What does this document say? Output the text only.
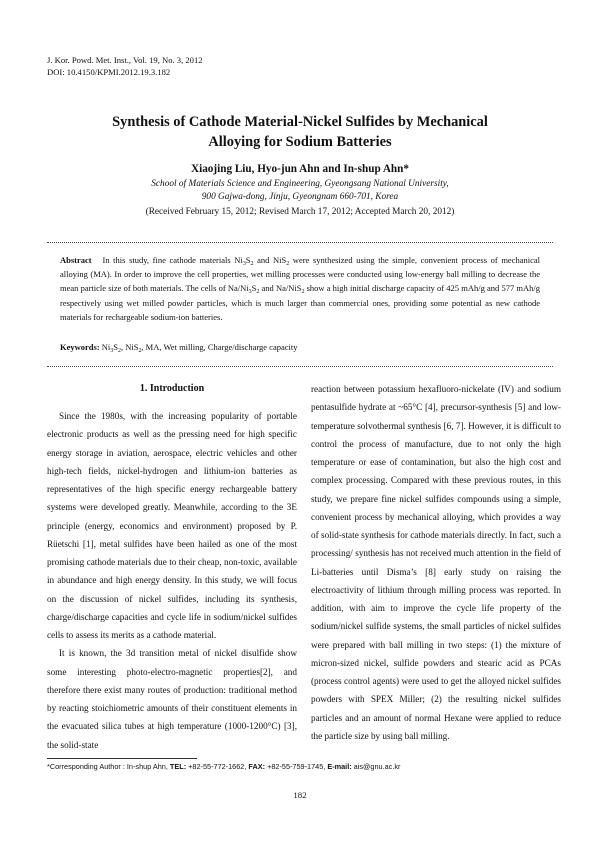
J. Kor. Powd. Met. Inst., Vol. 19, No. 3, 2012
DOI: 10.4150/KPMI.2012.19.3.182
Synthesis of Cathode Material-Nickel Sulfides by Mechanical
Alloying for Sodium Batteries
Xiaojing Liu, Hyo-jun Ahn and In-shup Ahn*
School of Materials Science and Engineering, Gyeongsang National University,
900 Gajwa-dong, Jinju, Gyeongnam 660-701, Korea
(Received February 15, 2012; Revised March 17, 2012; Accepted March 20, 2012)
Abstract In this study, fine cathode materials $Ni_3S_2$ and NiS$_2$ were synthesized using the simple, convenient process of mechanical alloying (MA). In order to improve the cell properties, wet milling processes were conducted using low-energy ball milling to decrease the mean particle size of both materials. The cells of $Na/Ni_3S_2$ and Na/NiS$_2$ show a high initial discharge capacity of 425 mAh/g and 577 mAh/g respectively using wet milled powder particles, which is much larger than commercial ones, providing some potential as new cathode materials for rechargeable sodium-ion batteries.
Keywords: $Ni_3S_2$, NiS$_2$, MA, Wet milling, Charge/discharge capacity
1. Introduction

Since the 1980s, with the increasing popularity of portable electronic products as well as the pressing need for high specific energy storage in aviation, aerospace, electric vehicles and other high-tech fields, nickel-hydrogen and lithium-ion batteries as representatives of the high specific energy rechargeable battery systems were developed greatly. Meanwhile, according to the 3E principle (energy, economics and environment) proposed by P. Rüetschi [1], metal sulfides have been hailed as one of the most promising cathode materials due to their cheap, non-toxic, available in abundance and high energy density. In this study, we will focus on the discussion of nickel sulfides, including its synthesis, charge/discharge capacities and cycle life in sodium/nickel sulfides cells to assess its merits as a cathode material.

It is known, the 3d transition metal of nickel disulfide show some interesting photo-electro-magnetic properties[2], and therefore there exist many routes of production: traditional method by reacting stoichiometric amounts of their constituent elements in the evacuated silica tubes at high temperature (1000-1200°C) [3], the solid-state

reaction between potassium hexafluoro-nickelate (IV) and sodium pentasulfide hydrate at ~65°C [4], precursor-synthesis [5] and low-temperature solvothermal synthesis [6, 7]. However, it is difficult to control the process of manufacture, due to not only the high temperature or ease of contamination, but also the high cost and complex processing. Compared with these previous routes, in this study, we prepare fine nickel sulfides compounds using a simple, convenient process by mechanical alloying, which provides a way of solid-state synthesis for cathode materials directly. In fact, such a processing/ synthesis has not received much attention in the field of Li-batteries until Disma’s [8] early study on raising the electroactivity of lithium through milling process was reported. In addition, with aim to improve the cycle life property of the sodium/nickel sulfide systems, the small particles of nickel sulfides were prepared with ball milling in two steps: (1) the mixture of micron-sized nickel, sulfide powders and stearic acid as PCAs (process control agents) were used to get the alloyed nickel sulfides powders with SPEX Miller; (2) the resulting nickel sulfides particles and an amount of normal Hexane were applied to reduce the particle size by using ball milling.

*Corresponding Author : In-shup Ahn, TEL: +82-55-772-1662, FAX: +82-55-759-1745, E-mail: ais@gnu.ac.kr
182
